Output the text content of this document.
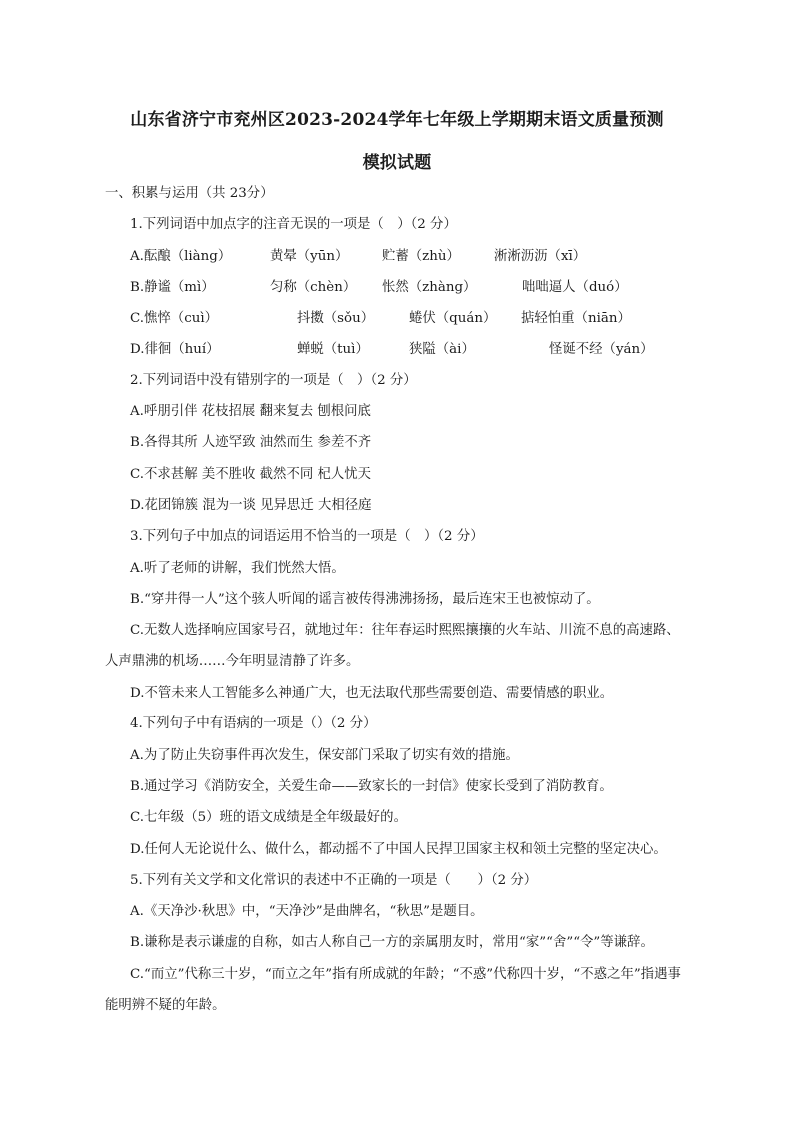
山东省济宁市兖州区2023-2024学年七年级上学期期末语文质量预测
模拟试题
一、积累与运用（共 23分）
1.下列词语中加点字的注音无误的一项是（　）（2 分）
A.酝酿（liàng）	黄晕（yūn）	贮蓄（zhù）	淅淅沥沥（xī）
B.静谧（mì）	匀称（chèn） 怅然（zhàng）	咄咄逼人（duó）
C.憔悴（cuì）	抖擞（sǒu）	蜷伏（quán） 掂轻怕重（niān）
D.徘徊（huí）	蝉蜕（tuì）	狭隘（ài）	怪诞不经（yán）
2.下列词语中没有错别字的一项是（　）（2 分）
A.呼朋引伴 花枝招展 翻来复去 刨根问底
B.各得其所 人迹罕致 油然而生 参差不齐
C.不求甚解 美不胜收 截然不同 杞人忧天
D.花团锦簇 混为一谈 见异思迁 大相径庭
3.下列句子中加点的词语运用不恰当的一项是（　）（2 分）
A.听了老师的讲解，我们恍然大悟。
B.“穿井得一人”这个骇人听闻的谣言被传得沸沸扬扬，最后连宋王也被惊动了。
C.无数人选择响应国家号召，就地过年：往年春运时熙熙攘攘的火车站、川流不息的高速路、
人声鼎沸的机场……今年明显清静了许多。
D.不管未来人工智能多么神通广大，也无法取代那些需要创造、需要情感的职业。
4.下列句子中有语病的一项是（）（2 分）
A.为了防止失窃事件再次发生，保安部门采取了切实有效的措施。
B.通过学习《消防安全，关爱生命——致家长的一封信》使家长受到了消防教育。
C.七年级（5）班的语文成绩是全年级最好的。
D.任何人无论说什么、做什么，都动摇不了中国人民捍卫国家主权和领土完整的坚定决心。
5.下列有关文学和文化常识的表述中不正确的一项是（　　）（2 分）
A.《天净沙·秋思》中，“天净沙”是曲牌名，“秋思”是题目。
B.谦称是表示谦虚的自称，如古人称自己一方的亲属朋友时，常用“家”“舍”“令”等谦辞。
C.“而立”代称三十岁，“而立之年”指有所成就的年龄；“不惑”代称四十岁，“不惑之年”指遇事
能明辨不疑的年龄。
